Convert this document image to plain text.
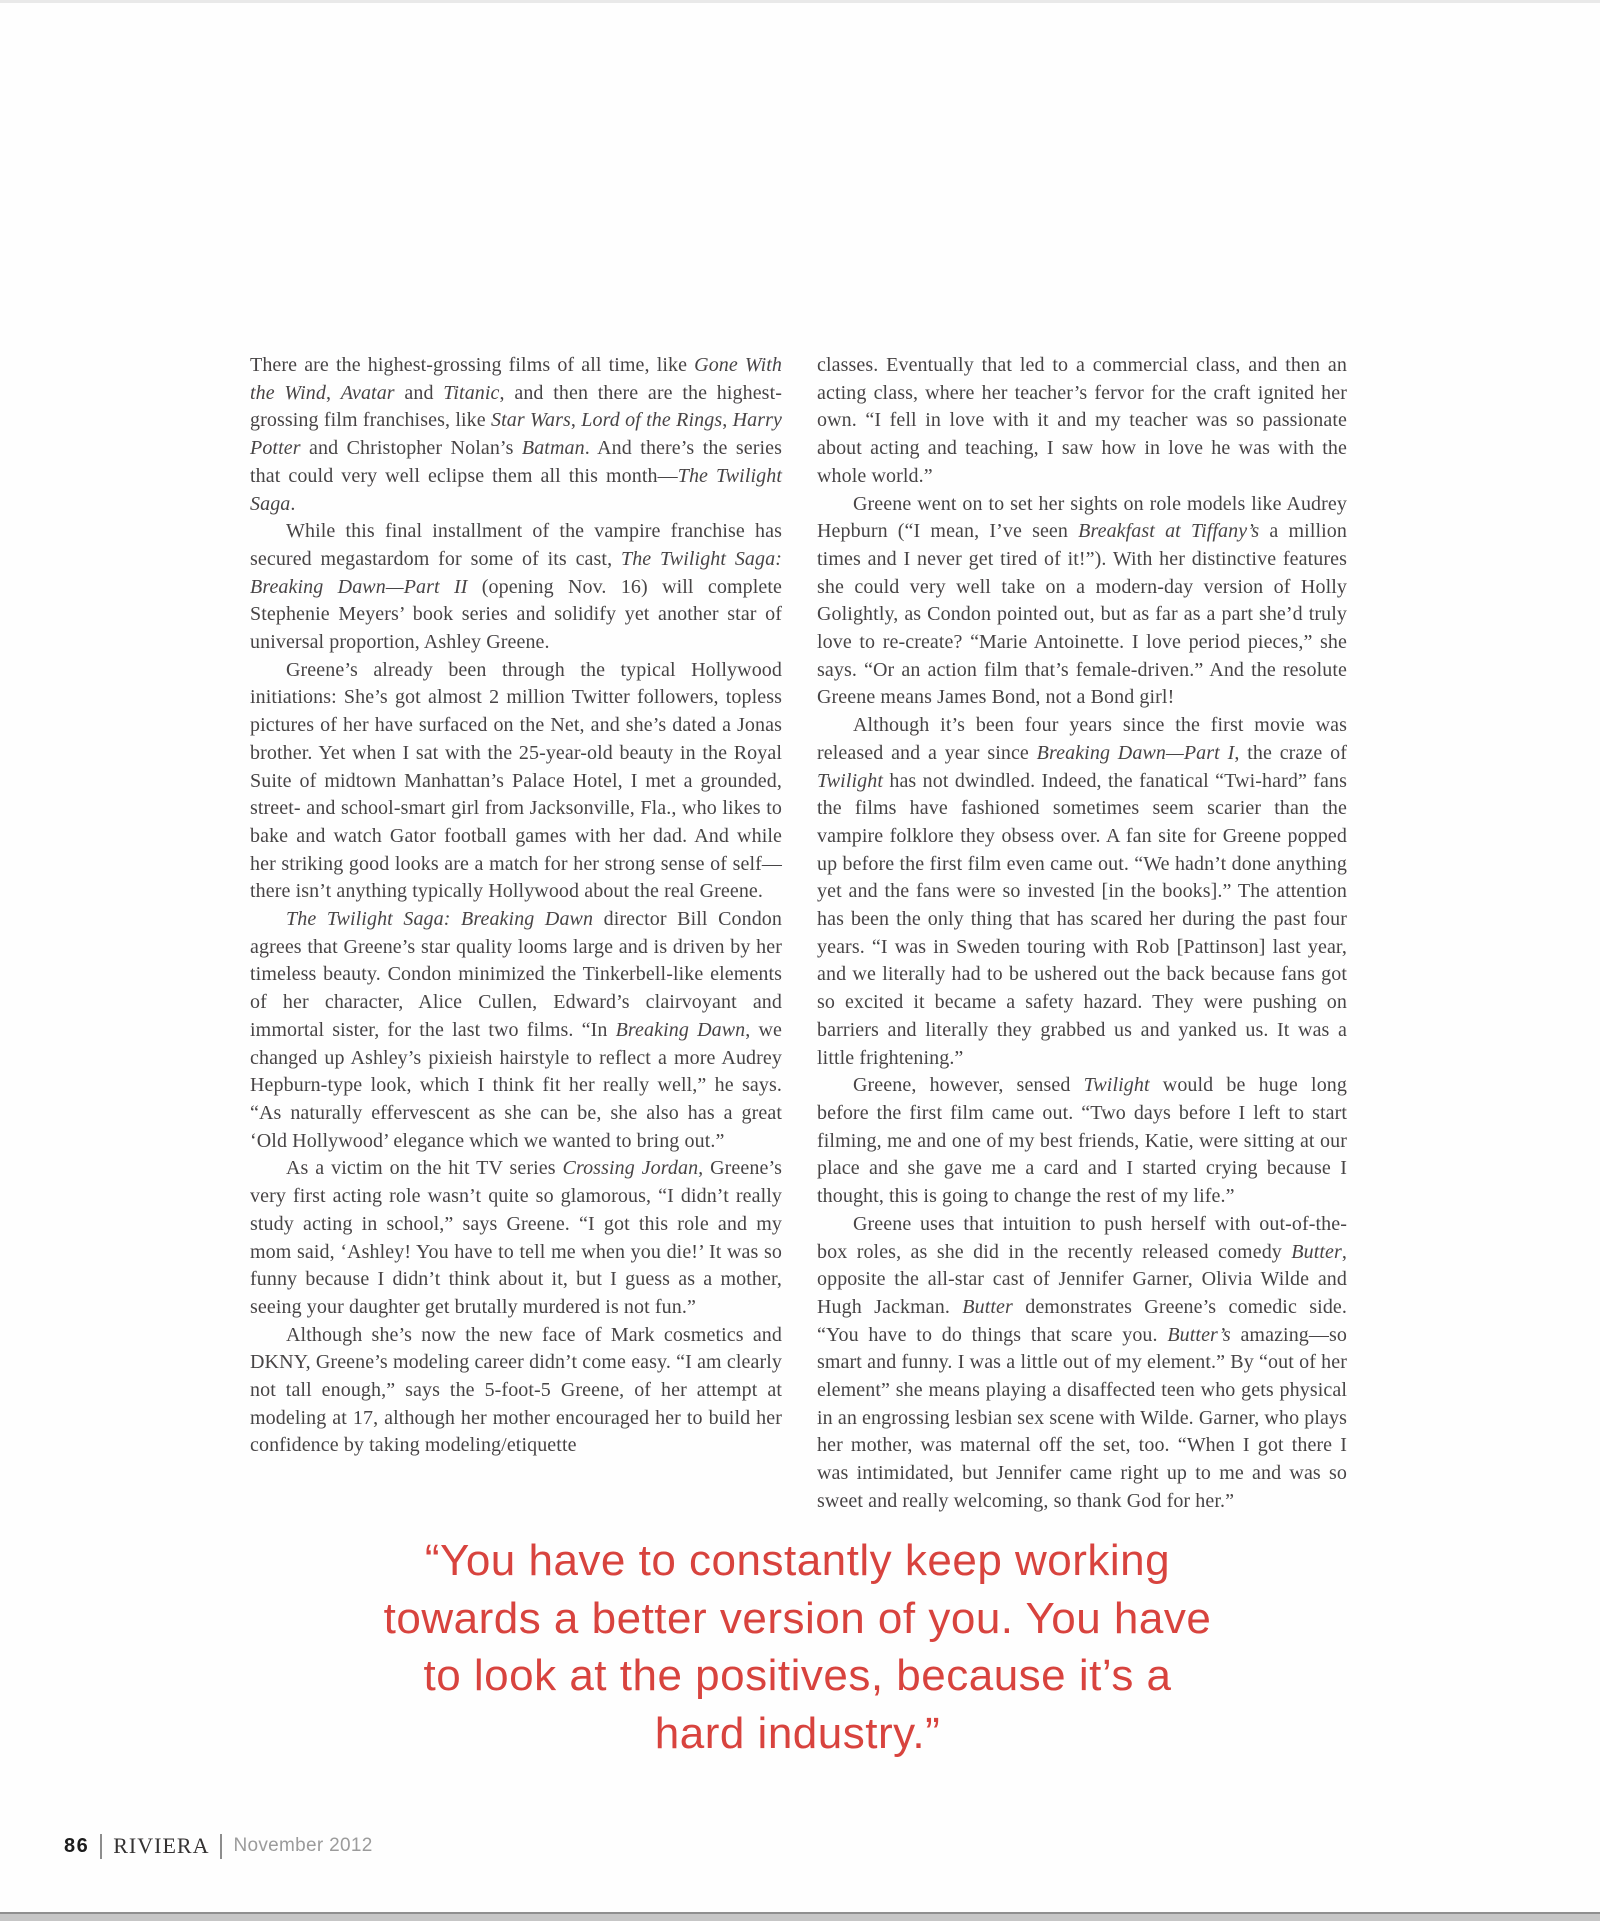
There are the highest-grossing films of all time, like Gone With the Wind, Avatar and Titanic, and then there are the highest-grossing film franchises, like Star Wars, Lord of the Rings, Harry Potter and Christopher Nolan’s Batman. And there’s the series that could very well eclipse them all this month—The Twilight Saga.

While this final installment of the vampire franchise has secured megastardom for some of its cast, The Twilight Saga: Breaking Dawn—Part II (opening Nov. 16) will complete Stephenie Meyers’ book series and solidify yet another star of universal proportion, Ashley Greene.

Greene’s already been through the typical Hollywood initiations: She’s got almost 2 million Twitter followers, topless pictures of her have surfaced on the Net, and she’s dated a Jonas brother. Yet when I sat with the 25-year-old beauty in the Royal Suite of midtown Manhattan’s Palace Hotel, I met a grounded, street- and school-smart girl from Jacksonville, Fla., who likes to bake and watch Gator football games with her dad. And while her striking good looks are a match for her strong sense of self—there isn’t anything typically Hollywood about the real Greene.

The Twilight Saga: Breaking Dawn director Bill Condon agrees that Greene’s star quality looms large and is driven by her timeless beauty. Condon minimized the Tinkerbell-like elements of her character, Alice Cullen, Edward’s clairvoyant and immortal sister, for the last two films. “In Breaking Dawn, we changed up Ashley’s pixieish hairstyle to reflect a more Audrey Hepburn-type look, which I think fit her really well,” he says. “As naturally effervescent as she can be, she also has a great ‘Old Hollywood’ elegance which we wanted to bring out.”

As a victim on the hit TV series Crossing Jordan, Greene’s very first acting role wasn’t quite so glamorous, “I didn’t really study acting in school,” says Greene. “I got this role and my mom said, ‘Ashley! You have to tell me when you die!’ It was so funny because I didn’t think about it, but I guess as a mother, seeing your daughter get brutally murdered is not fun.”

Although she’s now the new face of Mark cosmetics and DKNY, Greene’s modeling career didn’t come easy. “I am clearly not tall enough,” says the 5-foot-5 Greene, of her attempt at modeling at 17, although her mother encouraged her to build her confidence by taking modeling/etiquette

classes. Eventually that led to a commercial class, and then an acting class, where her teacher’s fervor for the craft ignited her own. “I fell in love with it and my teacher was so passionate about acting and teaching, I saw how in love he was with the whole world.”

Greene went on to set her sights on role models like Audrey Hepburn (“I mean, I’ve seen Breakfast at Tiffany’s a million times and I never get tired of it!”). With her distinctive features she could very well take on a modern-day version of Holly Golightly, as Condon pointed out, but as far as a part she’d truly love to re-create? “Marie Antoinette. I love period pieces,” she says. “Or an action film that’s female-driven.” And the resolute Greene means James Bond, not a Bond girl!

Although it’s been four years since the first movie was released and a year since Breaking Dawn—Part I, the craze of Twilight has not dwindled. Indeed, the fanatical “Twi-hard” fans the films have fashioned sometimes seem scarier than the vampire folklore they obsess over. A fan site for Greene popped up before the first film even came out. “We hadn’t done anything yet and the fans were so invested [in the books].” The attention has been the only thing that has scared her during the past four years. “I was in Sweden touring with Rob [Pattinson] last year, and we literally had to be ushered out the back because fans got so excited it became a safety hazard. They were pushing on barriers and literally they grabbed us and yanked us. It was a little frightening.”

Greene, however, sensed Twilight would be huge long before the first film came out. “Two days before I left to start filming, me and one of my best friends, Katie, were sitting at our place and she gave me a card and I started crying because I thought, this is going to change the rest of my life.”

Greene uses that intuition to push herself with out-of-the-box roles, as she did in the recently released comedy Butter, opposite the all-star cast of Jennifer Garner, Olivia Wilde and Hugh Jackman. Butter demonstrates Greene’s comedic side. “You have to do things that scare you. Butter’s amazing—so smart and funny. I was a little out of my element.” By “out of her element” she means playing a disaffected teen who gets physical in an engrossing lesbian sex scene with Wilde. Garner, who plays her mother, was maternal off the set, too. “When I got there I was intimidated, but Jennifer came right up to me and was so sweet and really welcoming, so thank God for her.”

“You have to constantly keep working
towards a better version of you. You have
to look at the positives, because it’s a
hard industry.”
86 RIVIERA November 2012
